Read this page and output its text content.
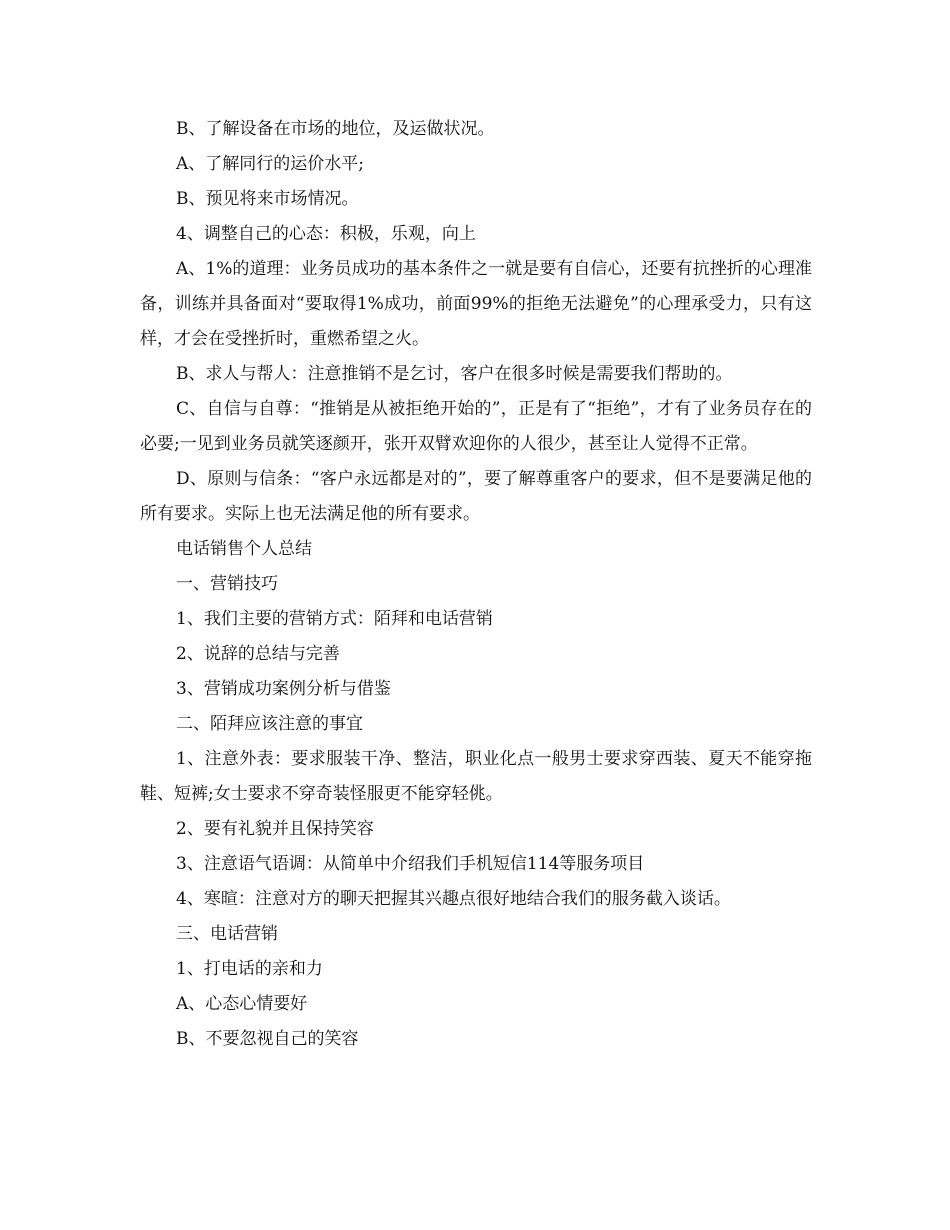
B、了解设备在市场的地位，及运做状况。

A、了解同行的运价水平;

B、预见将来市场情况。

4、调整自己的心态：积极，乐观，向上

A、1%的道理：业务员成功的基本条件之一就是要有自信心，还要有抗挫折的心理准备，训练并具备面对“要取得1%成功，前面99%的拒绝无法避免”的心理承受力，只有这样，才会在受挫折时，重燃希望之火。

B、求人与帮人：注意推销不是乞讨，客户在很多时候是需要我们帮助的。

C、自信与自尊：“推销是从被拒绝开始的”，正是有了“拒绝”，才有了业务员存在的必要;一见到业务员就笑逐颜开，张开双臂欢迎你的人很少，甚至让人觉得不正常。

D、原则与信条：“客户永远都是对的”，要了解尊重客户的要求，但不是要满足他的所有要求。实际上也无法满足他的所有要求。

电话销售个人总结

一、营销技巧

1、我们主要的营销方式：陌拜和电话营销

2、说辞的总结与完善

3、营销成功案例分析与借鉴

二、陌拜应该注意的事宜

1、注意外表：要求服装干净、整洁，职业化点一般男士要求穿西装、夏天不能穿拖鞋、短裤;女士要求不穿奇装怪服更不能穿轻佻。

2、要有礼貌并且保持笑容

3、注意语气语调：从简单中介绍我们手机短信114等服务项目

4、寒暄：注意对方的聊天把握其兴趣点很好地结合我们的服务截入谈话。

三、电话营销

1、打电话的亲和力

A、心态心情要好

B、不要忽视自己的笑容
